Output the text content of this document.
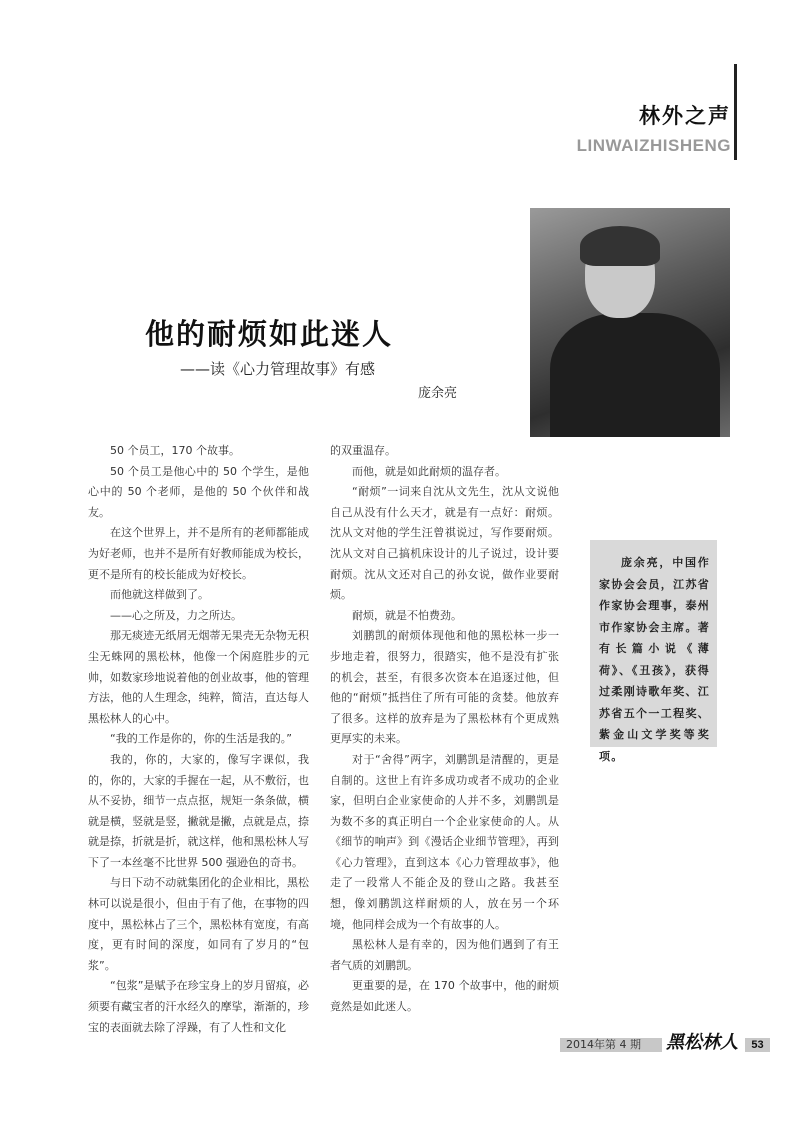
林外之声
LINWAIZHISHENG
他的耐烦如此迷人
——读《心力管理故事》有感
庞余亮

50 个员工，170 个故事。

50 个员工是他心中的 50 个学生，是他心中的 50 个老师，是他的 50 个伙伴和战友。

在这个世界上，并不是所有的老师都能成为好老师，也并不是所有好教师能成为校长，更不是所有的校长能成为好校长。

而他就这样做到了。

——心之所及，力之所达。

那无痰迹无纸屑无烟蒂无果壳无杂物无积尘无蛛网的黑松林，他像一个闲庭胜步的元帅，如数家珍地说着他的创业故事，他的管理方法，他的人生理念，纯粹，简洁，直达每人黑松林人的心中。

“我的工作是你的，你的生活是我的。”

我的，你的，大家的，像写字课似，我的，你的，大家的手握在一起，从不敷衍，也从不妥协，细节一点点抠，规矩一条条做，横就是横，竖就是竖，撇就是撇，点就是点，捺就是捺，折就是折，就这样，他和黑松林人写下了一本丝毫不比世界 500 强逊色的奇书。

与日下动不动就集团化的企业相比，黑松林可以说是很小，但由于有了他，在事物的四度中，黑松林占了三个，黑松林有宽度，有高度，更有时间的深度，如同有了岁月的“包浆”。

“包浆”是赋予在珍宝身上的岁月留痕，必须要有藏宝者的汗水经久的摩挲，渐渐的，珍宝的表面就去除了浮躁，有了人性和文化

的双重温存。

而他，就是如此耐烦的温存者。

“耐烦”一词来自沈从文先生，沈从文说他自己从没有什么天才，就是有一点好：耐烦。沈从文对他的学生汪曾祺说过，写作要耐烦。沈从文对自己搞机床设计的儿子说过，设计要耐烦。沈从文还对自己的孙女说，做作业要耐烦。

耐烦，就是不怕费劲。

刘鹏凯的耐烦体现他和他的黑松林一步一步地走着，很努力，很踏实，他不是没有扩张的机会，甚至，有很多次资本在追逐过他，但他的“耐烦”抵挡住了所有可能的贪婪。他放弃了很多。这样的放弃是为了黑松林有个更成熟更厚实的未来。

对于“舍得”两字，刘鹏凯是清醒的，更是自制的。这世上有许多成功或者不成功的企业家，但明白企业家使命的人并不多，刘鹏凯是为数不多的真正明白一个企业家使命的人。从《细节的响声》到《漫话企业细节管理》，再到《心力管理》，直到这本《心力管理故事》，他走了一段常人不能企及的登山之路。我甚至想，像刘鹏凯这样耐烦的人，放在另一个环境，他同样会成为一个有故事的人。

黑松林人是有幸的，因为他们遇到了有王者气质的刘鹏凯。

更重要的是，在 170 个故事中，他的耐烦竟然是如此迷人。

庞余亮，中国作家协会会员，江苏省作家协会理事，泰州市作家协会主席。著有长篇小说《薄荷》、《丑孩》，获得过柔刚诗歌年奖、江苏省五个一工程奖、紫金山文学奖等奖项。
2014年第 4 期	黑松林人	53
